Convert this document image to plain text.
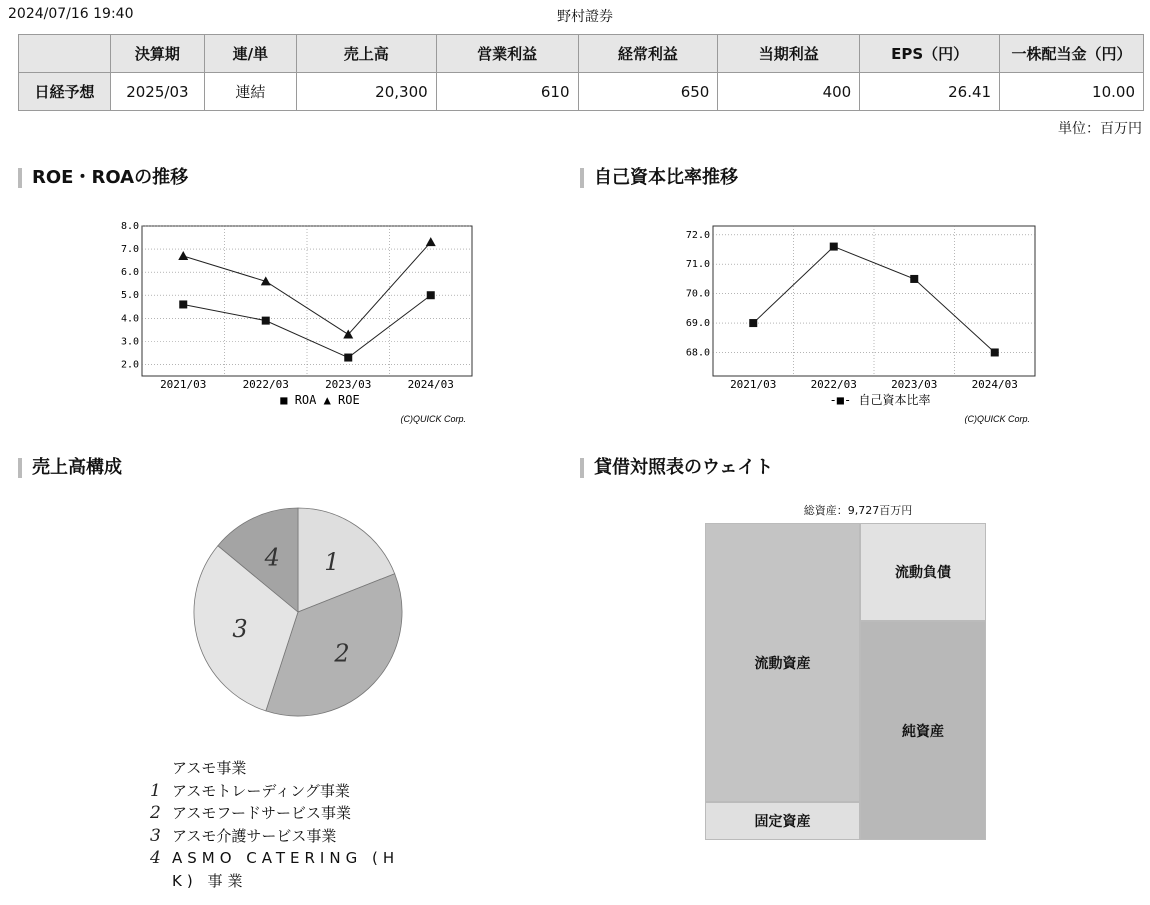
2024/07/16 19:40	野村證券
	決算期	連/単	売上高	営業利益	経常利益	当期利益	EPS（円）	一株配当金（円）
日経予想	2025/03	連結	20,300	610	650	400	26.41	10.00
単位：百万円
ROE・ROAの推移	自己資本比率推移
売上高構成	貸借対照表のウェイト
2.0
3.0
4.0
5.0
6.0
7.0
8.0
2021/03	2022/03	2023/03	2024/03
■ ROA ▲ ROE
(C)QUICK Corp.
68.0
69.0
70.0
71.0
72.0
2021/03	2022/03	2023/03	2024/03
-■- 自己資本比率
(C)QUICK Corp.
1
2
3
4
アスモ事業
1 アスモトレーディング事業
2 アスモフードサービス事業
3 アスモ介護サービス事業
4 ASMO CATERING (H
K) 事業
総資産：9,727百万円
流動資産
固定資産
流動負債
純資産
